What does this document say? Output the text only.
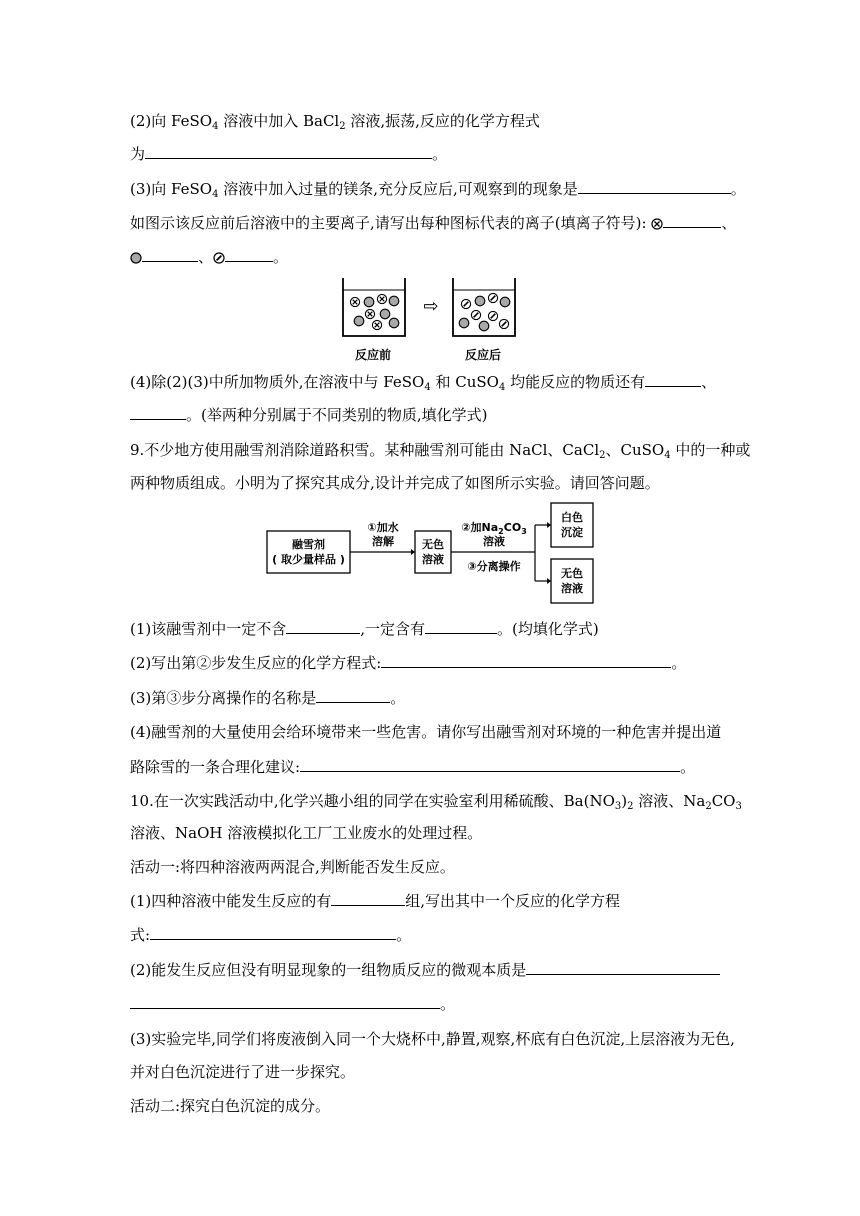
(2)向 FeSO$_4$ 溶液中加入 BaCl$_2$ 溶液,振荡,反应的化学方程式
为	。
(3)向 FeSO$_4$ 溶液中加入过量的镁条,充分反应后,可观察到的现象是	。
如图示该反应前后溶液中的主要离子,请写出每种图标代表的离子(填离子符号):	、
、	。
⇨
反应前	反应后
(4)除(2)(3)中所加物质外,在溶液中与 FeSO$_4$ 和 CuSO$_4$ 均能反应的物质还有	、
。(举两种分别属于不同类别的物质,填化学式)
9.不少地方使用融雪剂消除道路积雪。某种融雪剂可能由 NaCl、CaCl$_2$、CuSO$_4$ 中的一种或
两种物质组成。小明为了探究其成分,设计并完成了如图所示实验。请回答问题。
融雪剂
( 取少量样品 )
①加水
溶解	无色
溶液
②加$Na_2CO_3$
溶液
③分离操作
白色
沉淀
无色
溶液
(1)该融雪剂中一定不含	,一定含有	。(均填化学式)
(2)写出第②步发生反应的化学方程式:	。
(3)第③步分离操作的名称是	。
(4)融雪剂的大量使用会给环境带来一些危害。请你写出融雪剂对环境的一种危害并提出道
路除雪的一条合理化建议:	。
10.在一次实践活动中,化学兴趣小组的同学在实验室利用稀硫酸、$Ba(NO_3)_2$ 溶液、$Na_2CO_3$
溶液、NaOH 溶液模拟化工厂工业废水的处理过程。
活动一:将四种溶液两两混合,判断能否发生反应。
(1)四种溶液中能发生反应的有	组,写出其中一个反应的化学方程
式:	。
(2)能发生反应但没有明显现象的一组物质反应的微观本质是
。
(3)实验完毕,同学们将废液倒入同一个大烧杯中,静置,观察,杯底有白色沉淀,上层溶液为无色,
并对白色沉淀进行了进一步探究。
活动二:探究白色沉淀的成分。
